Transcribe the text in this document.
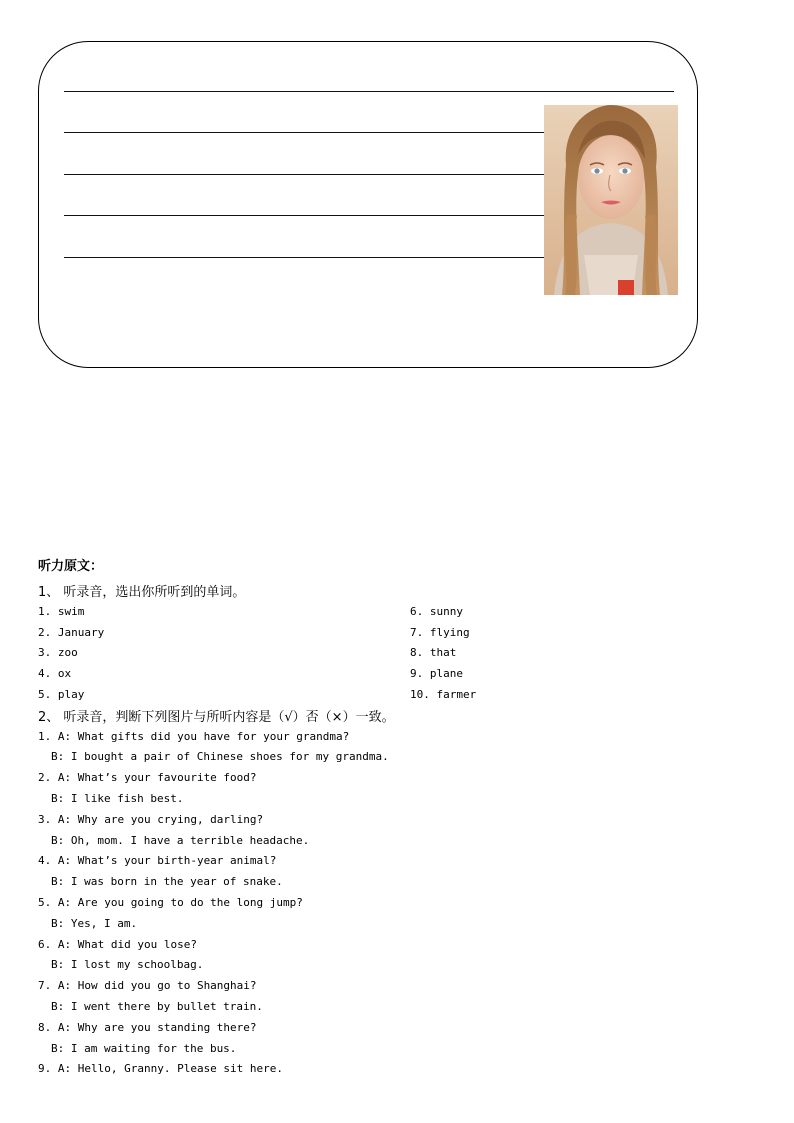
听力原文：
1、 听录音，选出你所听到的单词。
1. swim
2. January
3. zoo
4. ox
5. play
6. sunny
7. flying
8. that
9. plane
10. farmer
2、 听录音，判断下列图片与所听内容是（√）否（×）一致。
1. A: What gifts did you have for your grandma?
B: I bought a pair of Chinese shoes for my grandma.
2. A: What’s your favourite food?
B: I like fish best.
3. A: Why are you crying, darling?
B: Oh, mom. I have a terrible headache.
4. A: What’s your birth-year animal?
B: I was born in the year of snake.
5. A: Are you going to do the long jump?
B: Yes, I am.
6. A: What did you lose?
B: I lost my schoolbag.
7. A: How did you go to Shanghai?
B: I went there by bullet train.
8. A: Why are you standing there?
B: I am waiting for the bus.
9. A: Hello, Granny. Please sit here.
